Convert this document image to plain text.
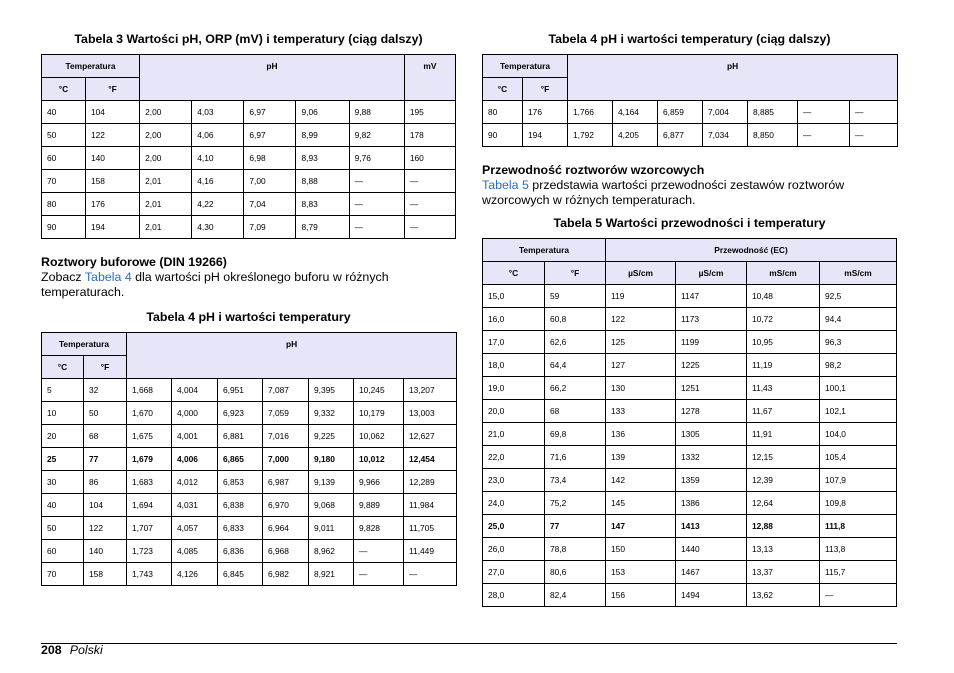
Tabela 3 Wartości pH, ORP (mV) i temperatury (ciąg dalszy)
Temperatura		pH					mV
°C	°F						
40	104	2,00	4,03	6,97	9,06	9,88	195
50	122	2,00	4,06	6,97	8,99	9,82	178
60	140	2,00	4,10	6,98	8,93	9,76	160
70	158	2,01	4,16	7,00	8,88	—	—
80	176	2,01	4,22	7,04	8,83	—	—
90	194	2,01	4,30	7,09	8,79	—	—
Roztwory buforowe (DIN 19266)
Zobacz Tabela 4 dla wartości pH określonego buforu w różnych temperaturach.
Tabela 4 pH i wartości temperatury
Temperatura		pH						
°C	°F							
5	32	1,668	4,004	6,951	7,087	9,395	10,245	13,207
10	50	1,670	4,000	6,923	7,059	9,332	10,179	13,003
20	68	1,675	4,001	6,881	7,016	9,225	10,062	12,627
25	77	1,679	4,006	6,865	7,000	9,180	10,012	12,454
30	86	1,683	4,012	6,853	6,987	9,139	9,966	12,289
40	104	1,694	4,031	6,838	6,970	9,068	9,889	11,984
50	122	1,707	4,057	6,833	6,964	9,011	9,828	11,705
60	140	1,723	4,085	6,836	6,968	8,962	—	11,449
70	158	1,743	4,126	6,845	6,982	8,921	—	—
Tabela 4 pH i wartości temperatury (ciąg dalszy)
Temperatura		pH						
°C	°F							
80	176	1,766	4,164	6,859	7,004	8,885	—	—
90	194	1,792	4,205	6,877	7,034	8,850	—	—
Przewodność roztworów wzorcowych
Tabela 5 przedstawia wartości przewodności zestawów roztworów wzorcowych w różnych temperaturach.
Tabela 5 Wartości przewodności i temperatury
Temperatura		Przewodność (EC)			
°C	°F	µS/cm	µS/cm	mS/cm	mS/cm
15,0	59	119	1147	10,48	92,5
16,0	60,8	122	1173	10,72	94,4
17,0	62,6	125	1199	10,95	96,3
18,0	64,4	127	1225	11,19	98,2
19,0	66,2	130	1251	11,43	100,1
20,0	68	133	1278	11,67	102,1
21,0	69,8	136	1305	11,91	104,0
22,0	71,6	139	1332	12,15	105,4
23,0	73,4	142	1359	12,39	107,9
24,0	75,2	145	1386	12,64	109,8
25,0	77	147	1413	12,88	111,8
26,0	78,8	150	1440	13,13	113,8
27,0	80,6	153	1467	13,37	115,7
28,0	82,4	156	1494	13,62	—
208 Polski
